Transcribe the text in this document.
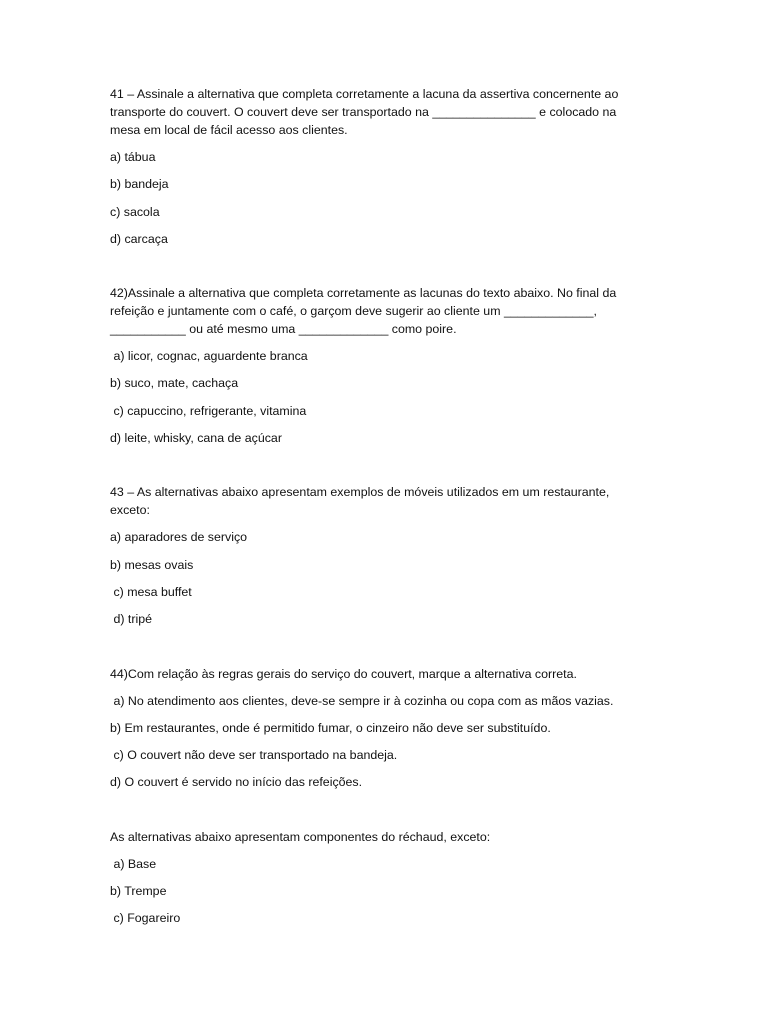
41 – Assinale a alternativa que completa corretamente a lacuna da assertiva concernente ao transporte do couvert. O couvert deve ser transportado na _______________ e colocado na mesa em local de fácil acesso aos clientes.

a) tábua

b) bandeja

c) sacola

d) carcaça

42)Assinale a alternativa que completa corretamente as lacunas do texto abaixo. No final da refeição e juntamente com o café, o garçom deve sugerir ao cliente um _____________, ___________ ou até mesmo uma _____________ como poire.

a) licor, cognac, aguardente branca

b) suco, mate, cachaça

c) capuccino, refrigerante, vitamina

d) leite, whisky, cana de açúcar

43 – As alternativas abaixo apresentam exemplos de móveis utilizados em um restaurante, exceto:

a) aparadores de serviço

b) mesas ovais

c) mesa buffet

d) tripé

44)Com relação às regras gerais do serviço do couvert, marque a alternativa correta.

a) No atendimento aos clientes, deve-se sempre ir à cozinha ou copa com as mãos vazias.

b) Em restaurantes, onde é permitido fumar, o cinzeiro não deve ser substituído.

c) O couvert não deve ser transportado na bandeja.

d) O couvert é servido no início das refeições.

As alternativas abaixo apresentam componentes do réchaud, exceto:

a) Base

b) Trempe

c) Fogareiro
